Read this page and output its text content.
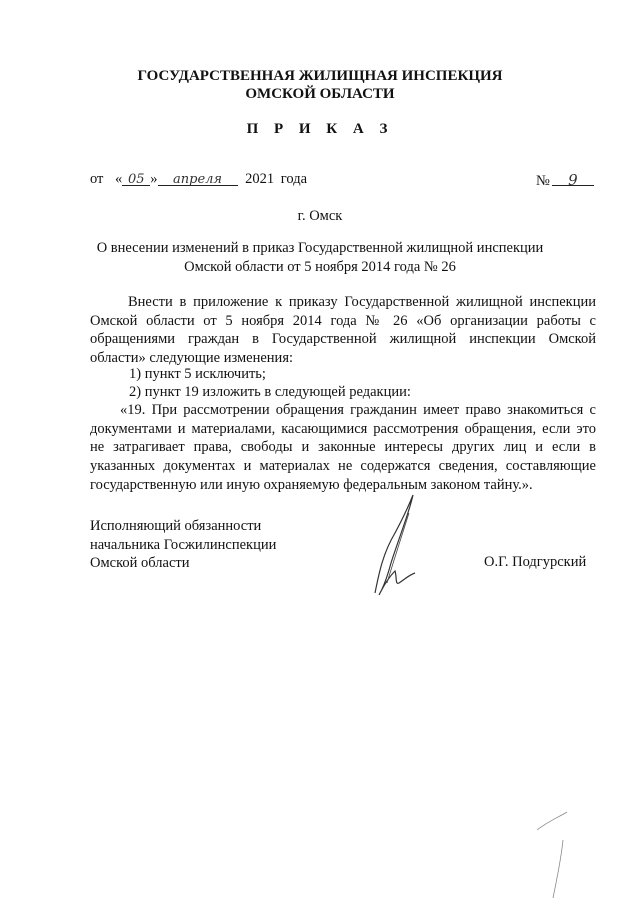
ГОСУДАРСТВЕННАЯ ЖИЛИЩНАЯ ИНСПЕКЦИЯ
ОМСКОЙ ОБЛАСТИ
П Р И К А З
от « 05 » апреля 2021 года	№ 9
г. Омск
О внесении изменений в приказ Государственной жилищной инспекции
Омской области от 5 ноября 2014 года № 26
Внести в приложение к приказу Государственной жилищной инспекции Омской области от 5 ноября 2014 года № 26 «Об организации работы с обращениями граждан в Государственной жилищной инспекции Омской области» следующие изменения:
1) пункт 5 исключить;
2) пункт 19 изложить в следующей редакции:
«19. При рассмотрении обращения гражданин имеет право знакомиться с документами и материалами, касающимися рассмотрения обращения, если это не затрагивает права, свободы и законные интересы других лиц и если в указанных документах и материалах не содержатся сведения, составляющие государственную или иную охраняемую федеральным законом тайну.».
Исполняющий обязанности
начальника Госжилинспекции
Омской области	О.Г. Подгурский
